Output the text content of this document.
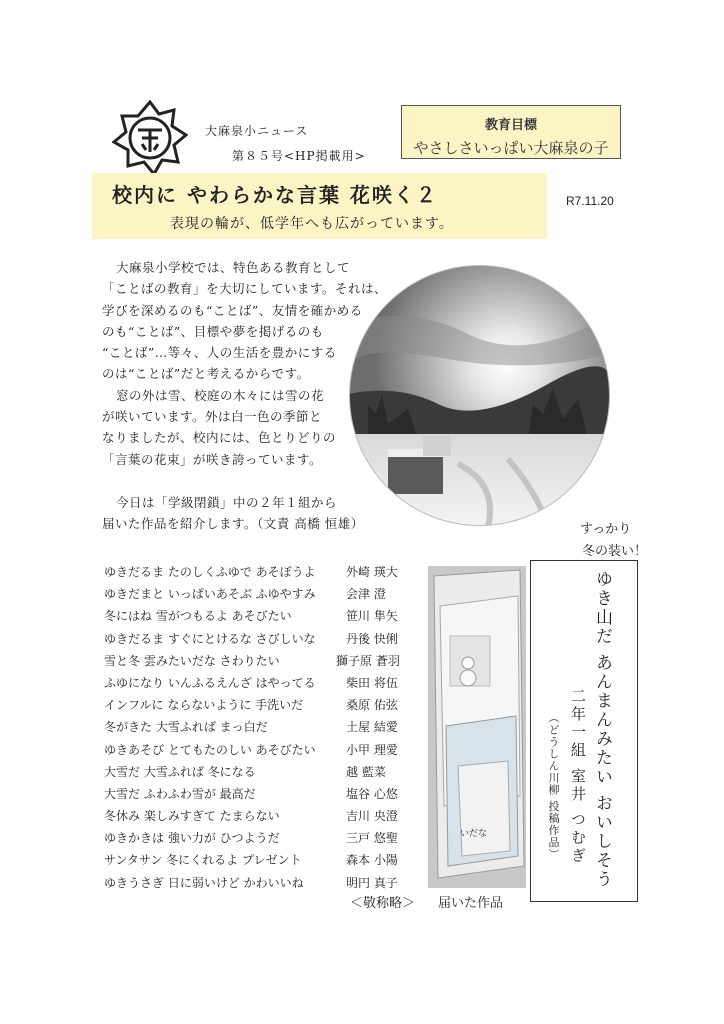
大麻泉小ニュース
第８５号<HP掲載用>
教育目標
やさしさいっぱい大麻泉の子
校内に やわらかな言葉 花咲く２
表現の輪が、低学年へも広がっています。
R7.11.20
大麻泉小学校では、特色ある教育として
「ことばの教育」を大切にしています。それは、
学びを深めるのも“ことば”、友情を確かめる
のも“ことば”、目標や夢を掲げるのも
“ことば”…等々、人の生活を豊かにする
のは“ことば”だと考えるからです。
窓の外は雪、校庭の木々には雪の花
が咲いています。外は白一色の季節と
なりましたが、校内には、色とりどりの
「言葉の花束」が咲き誇っています。
今日は「学級閉鎖」中の２年１組から
届いた作品を紹介します。（文責 高橋 恒雄）	すっかり
冬の装い！
ゆきだるま たのしくふゆで あそぼうよ	外崎 瑛大
ゆきだまと いっぱいあそぶ ふゆやすみ	会津 澄
冬にはね 雪がつもるよ あそびたい	笹川 隼矢
ゆきだるま すぐにとけるな さびしいな	丹後 快俐
雪と冬 雲みたいだな さわりたい	獅子原 蒼羽
ふゆになり いんふるえんざ はやってる	柴田 将伍
インフルに ならないように 手洗いだ	桑原 佑弦
冬がきた 大雪ふれば まっ白だ	土屋 結愛
ゆきあそび とてもたのしい あそびたい	小甲 理愛
大雪だ 大雪ふれば 冬になる	越 藍菜
大雪だ ふわふわ雪が 最高だ	塩谷 心悠
冬休み 楽しみすぎて たまらない	吉川 央澄
ゆきかきは 強い力が ひつようだ	三戸 悠聖
サンタサン 冬にくれるよ プレゼント	森本 小陽
ゆきうさぎ 日に弱いけど かわいいね	明円 真子
＜敬称略＞ 届いた作品
いだな	ゆき山だ あんまんみたい おいしそう
二年一組 室井 つむぎ
（どうしん川柳 投稿作品）
